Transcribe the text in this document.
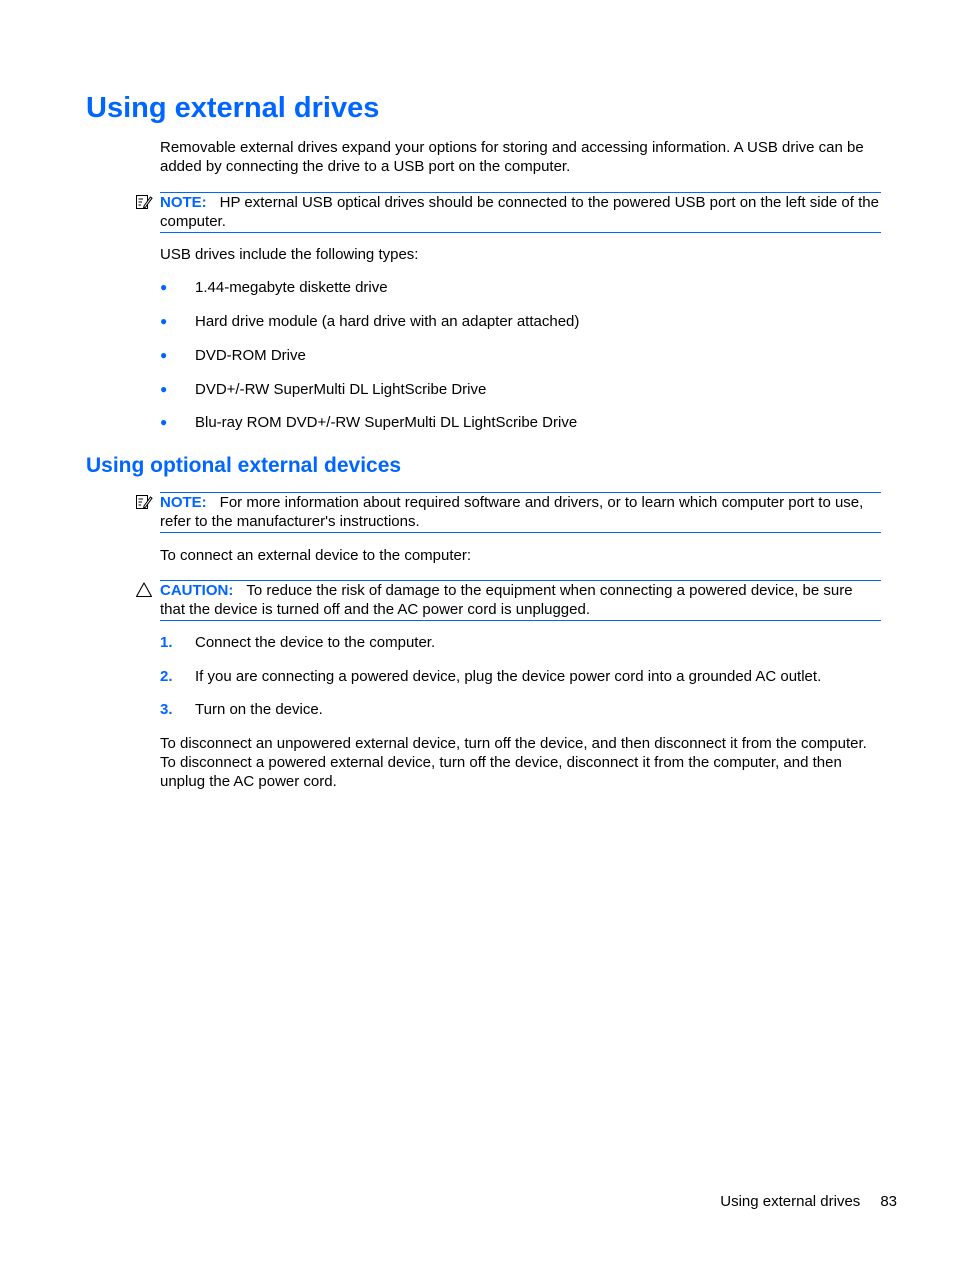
Using external drives

Removable external drives expand your options for storing and accessing information. A USB drive can be added by connecting the drive to a USB port on the computer.

NOTE: HP external USB optical drives should be connected to the powered USB port on the left side of the computer.

USB drives include the following types:

●	1.44-megabyte diskette drive
●	Hard drive module (a hard drive with an adapter attached)
●	DVD-ROM Drive
●	DVD+/-RW SuperMulti DL LightScribe Drive
●	Blu-ray ROM DVD+/-RW SuperMulti DL LightScribe Drive
Using optional external devices

NOTE: For more information about required software and drivers, or to learn which computer port to use, refer to the manufacturer's instructions.

To connect an external device to the computer:

CAUTION: To reduce the risk of damage to the equipment when connecting a powered device, be sure that the device is turned off and the AC power cord is unplugged.

1. Connect the device to the computer.
2. If you are connecting a powered device, plug the device power cord into a grounded AC outlet.
3. Turn on the device.

To disconnect an unpowered external device, turn off the device, and then disconnect it from the computer. To disconnect a powered external device, turn off the device, disconnect it from the computer, and then unplug the AC power cord.

Using external drives 83
